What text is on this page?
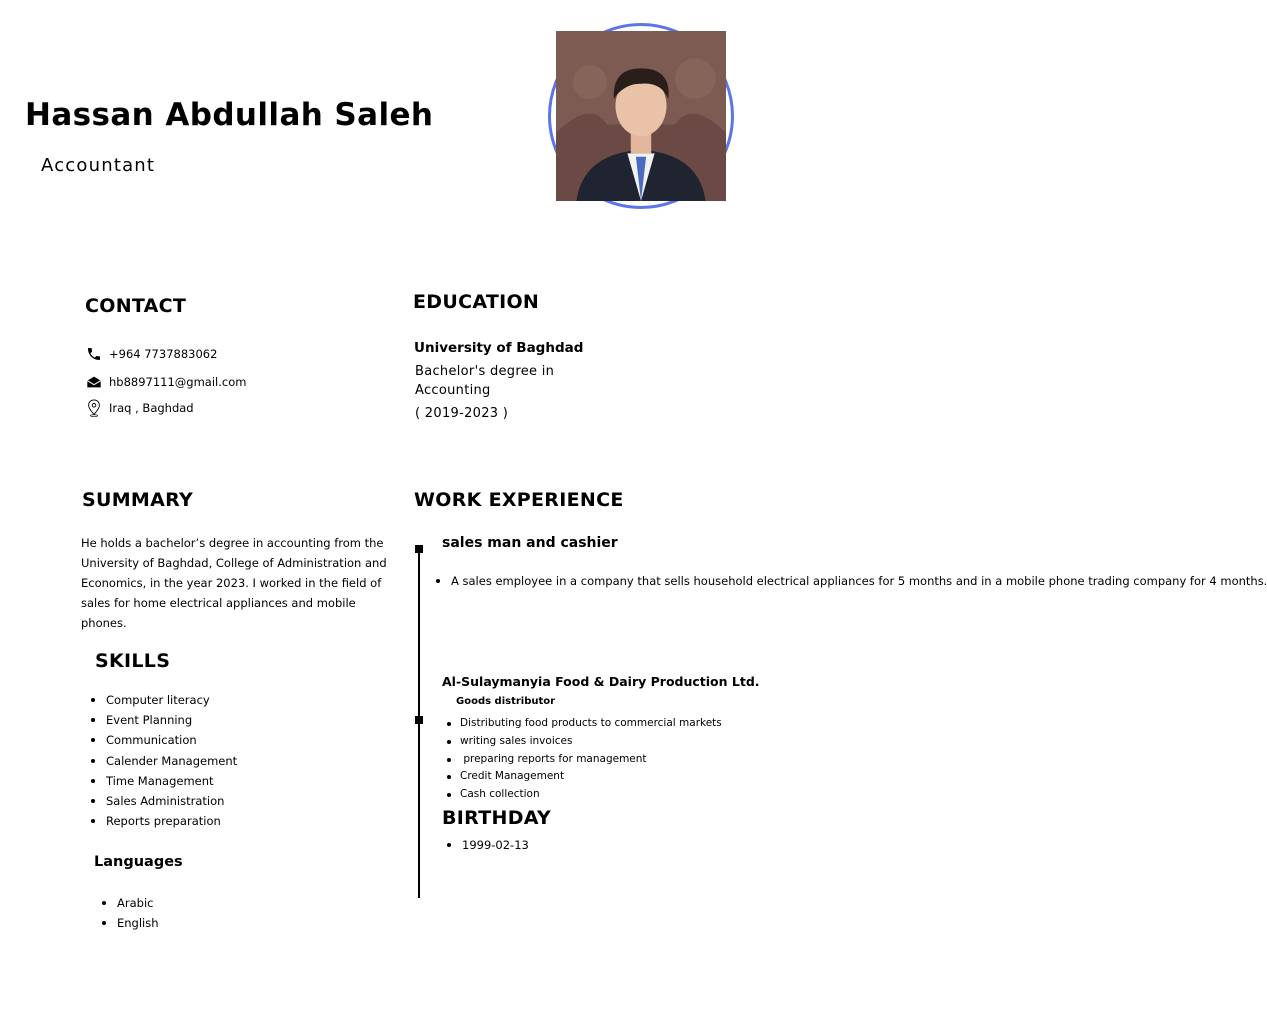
Hassan Abdullah Saleh
Accountant
CONTACT
+964 7737883062
hb8897111@gmail.com
Iraq , Baghdad
EDUCATION
University of Baghdad
Bachelor's degree in
Accounting
( 2019-2023 )
SUMMARY
He holds a bachelor’s degree in accounting from the University of Baghdad, College of Administration and Economics, in the year 2023. I worked in the field of sales for home electrical appliances and mobile phones.
SKILLS
Computer literacy
Event Planning
Communication
Calender Management
Time Management
Sales Administration
Reports preparation
Languages
Arabic
English
WORK EXPERIENCE
sales man and cashier
A sales employee in a company that sells household electrical appliances for 5 months and in a mobile phone trading company for 4 months.
Al-Sulaymanyia Food & Dairy Production Ltd.
Goods distributor
Distributing food products to commercial markets
writing sales invoices
preparing reports for management
Credit Management
Cash collection
BIRTHDAY
1999-02-13
